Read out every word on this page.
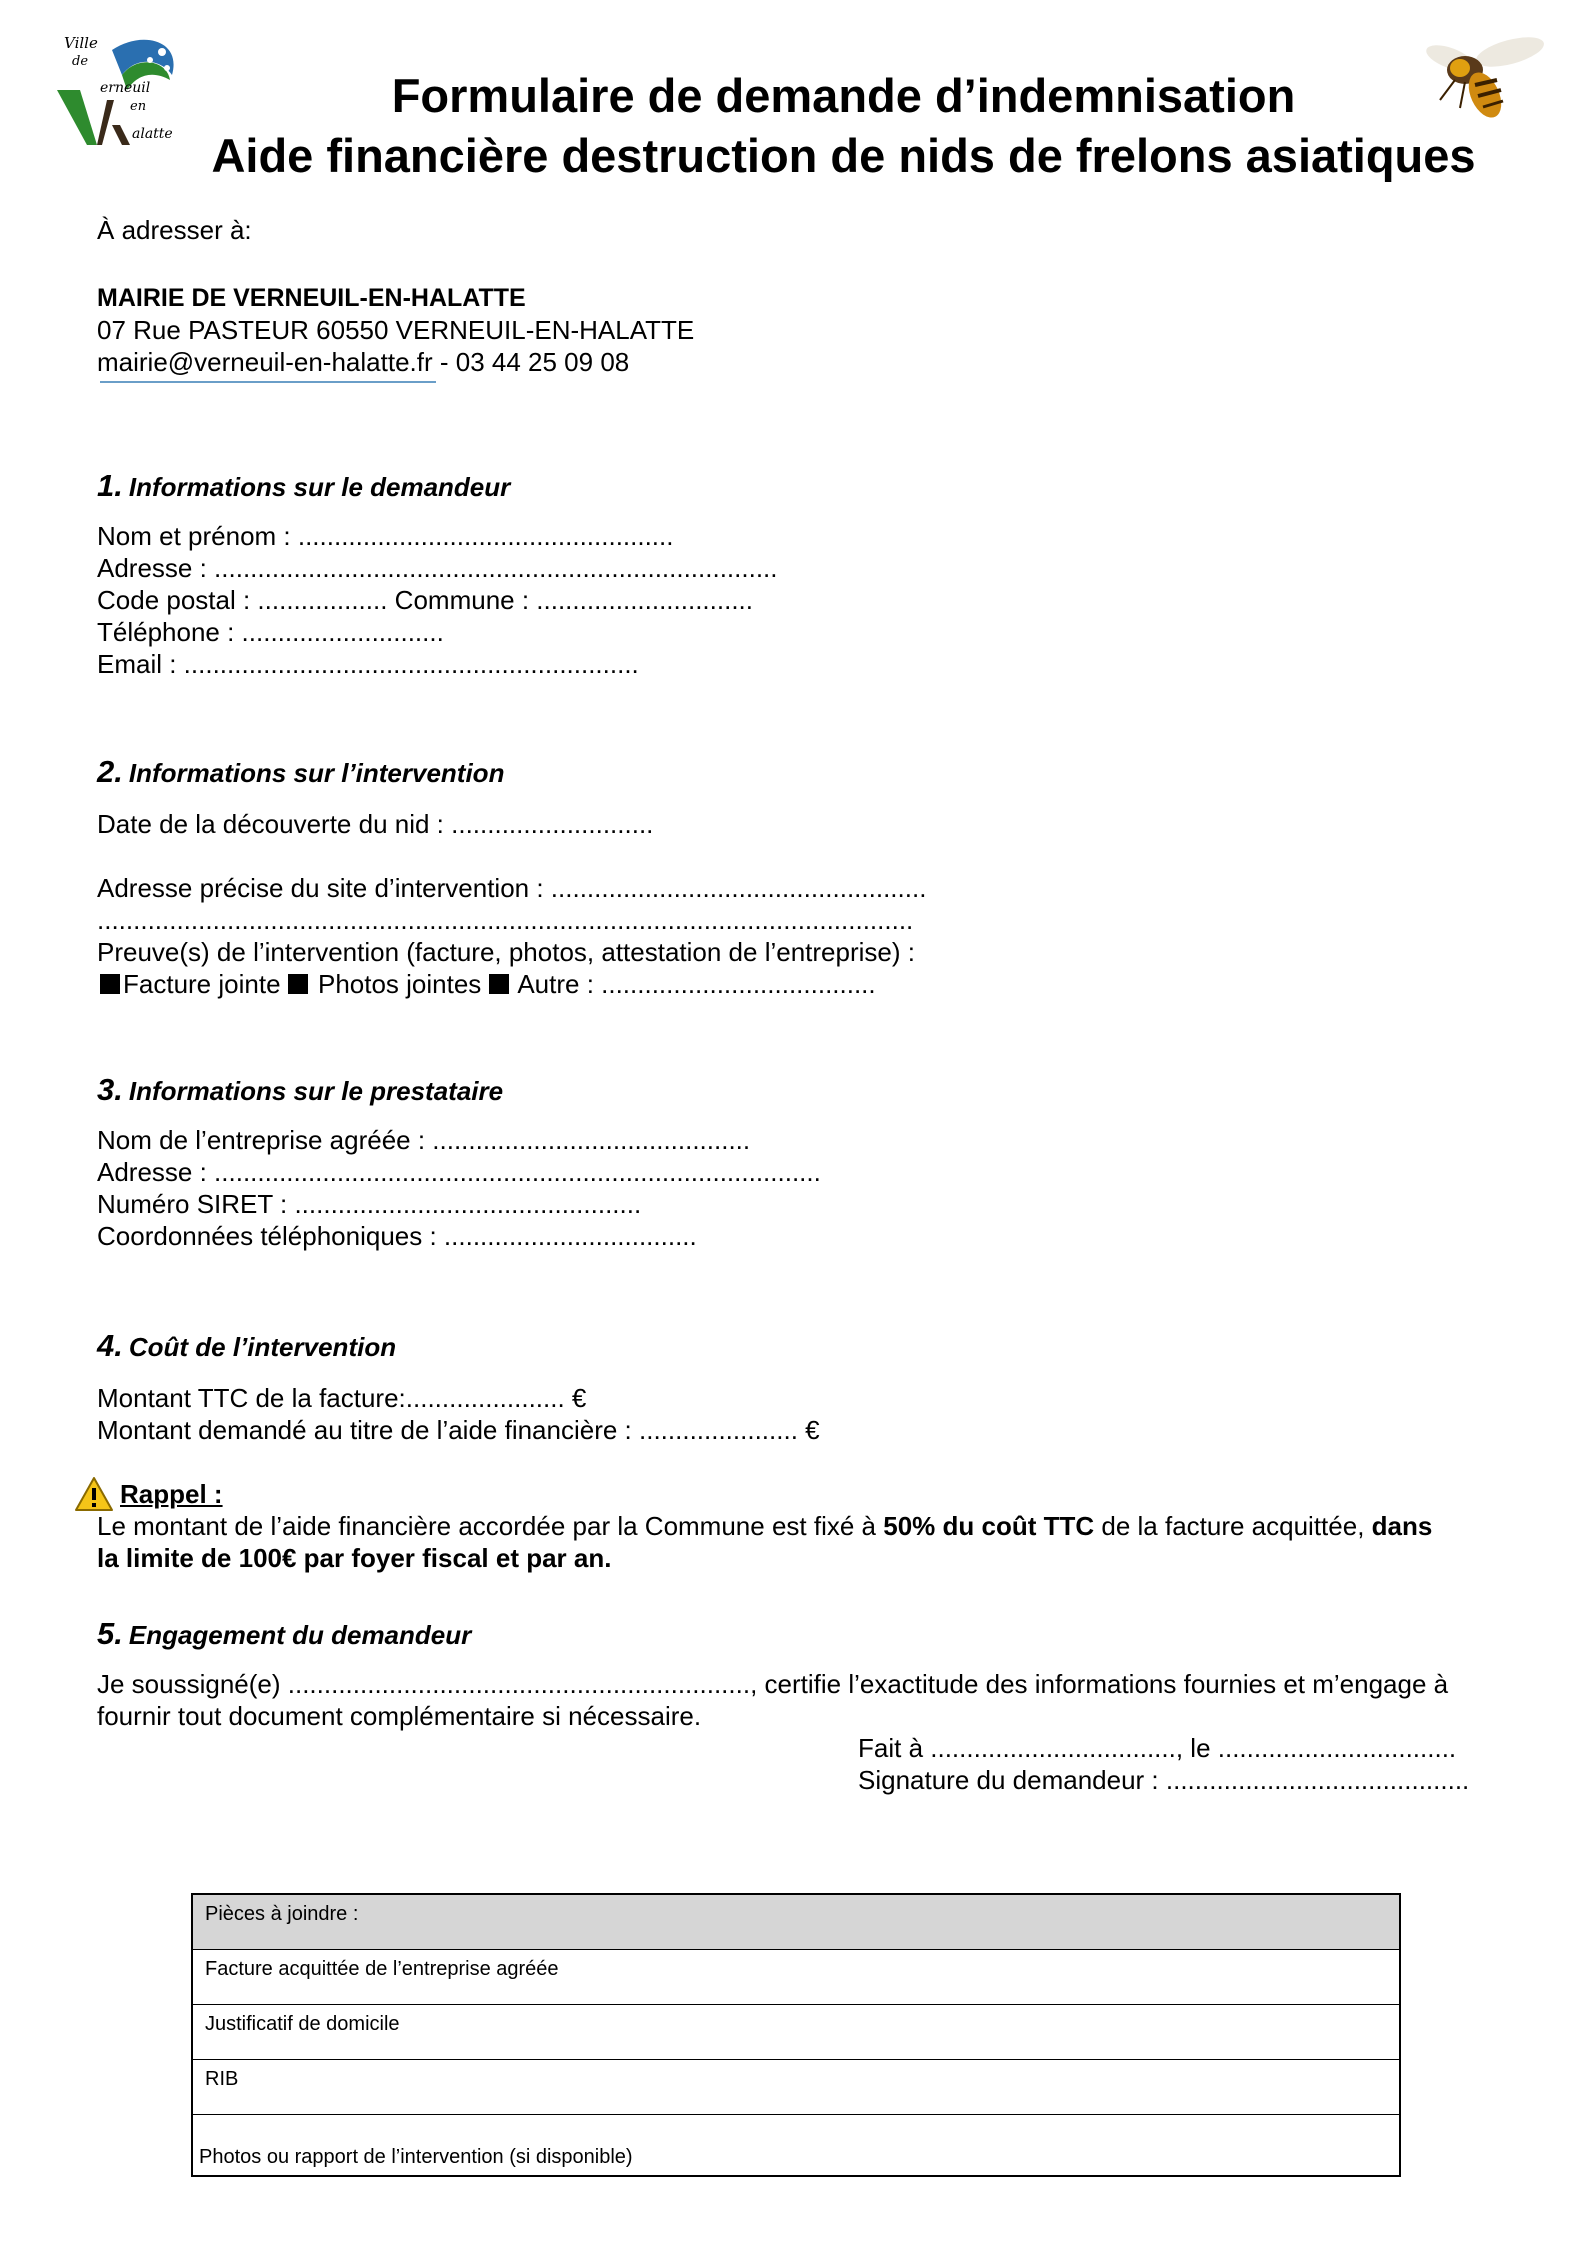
Ville
de
erneuil
en
alatte
Formulaire de demande d’indemnisation
Aide financière destruction de nids de frelons asiatiques
À adresser à:
MAIRIE DE VERNEUIL-EN-HALATTE
07 Rue PASTEUR 60550 VERNEUIL-EN-HALATTE
mairie@verneuil-en-halatte.fr - 03 44 25 09 08
1. Informations sur le demandeur
Nom et prénom : ....................................................
Adresse : ..............................................................................
Code postal : .................. Commune : ..............................
Téléphone : ............................
Email : ...............................................................
2. Informations sur l’intervention
Date de la découverte du nid : ............................
Adresse précise du site d’intervention : ....................................................
.................................................................................................................
Preuve(s) de l’intervention (facture, photos, attestation de l’entreprise) :
Facture jointe  Photos jointes  Autre : ......................................
3. Informations sur le prestataire
Nom de l’entreprise agréée : ............................................
Adresse : ....................................................................................
Numéro SIRET : ................................................
Coordonnées téléphoniques : ...................................
4. Coût de l’intervention
Montant TTC de la facture:...................... €
Montant demandé au titre de l’aide financière : ...................... €
Rappel :
Le montant de l’aide financière accordée par la Commune est fixé à 50% du coût TTC de la facture acquittée, dans
la limite de 100€ par foyer fiscal et par an.
5. Engagement du demandeur
Je soussigné(e) ................................................................, certifie l’exactitude des informations fournies et m’engage à
fournir tout document complémentaire si nécessaire.
Fait à .................................., le .................................
Signature du demandeur : ..........................................
Pièces à joindre :
Facture acquittée de l’entreprise agréée
Justificatif de domicile
RIB
Photos ou rapport de l’intervention (si disponible)
